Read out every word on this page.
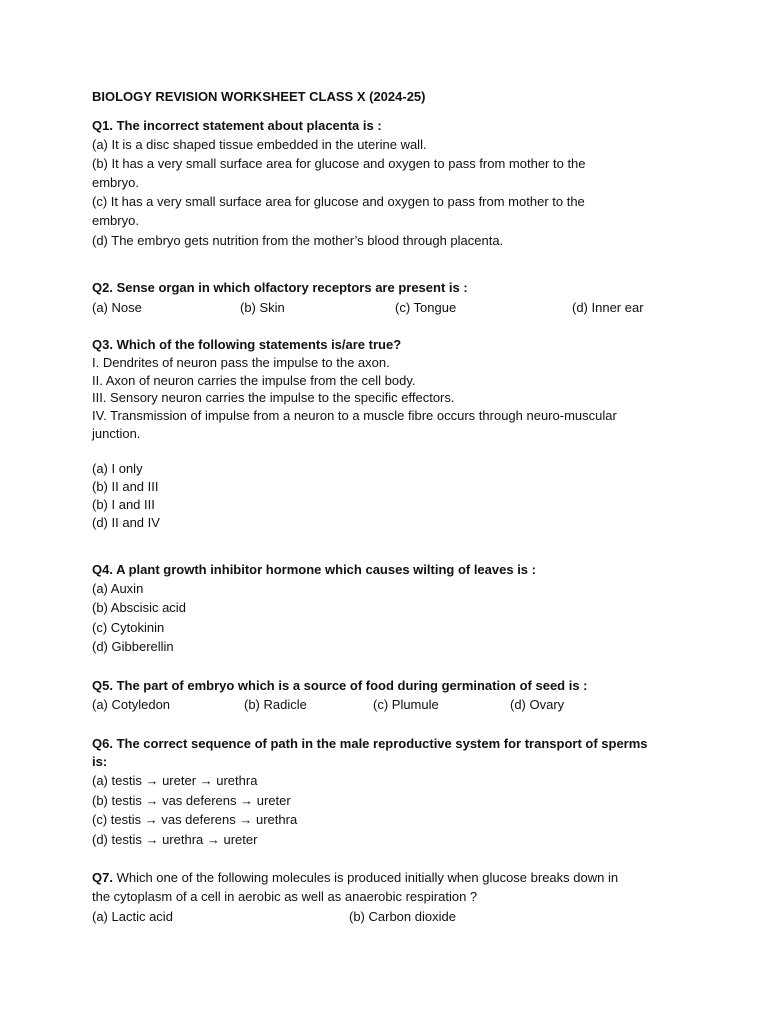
BIOLOGY REVISION WORKSHEET CLASS X (2024-25)
Q1. The incorrect statement about placenta is :
(a) It is a disc shaped tissue embedded in the uterine wall.
(b) It has a very small surface area for glucose and oxygen to pass from mother to the
embryo.
(c) It has a very small surface area for glucose and oxygen to pass from mother to the
embryo.
(d) The embryo gets nutrition from the mother’s blood through placenta.
Q2. Sense organ in which olfactory receptors are present is :
(a) Nose	(b) Skin	(c) Tongue	(d) Inner ear
Q3. Which of the following statements is/are true?
I. Dendrites of neuron pass the impulse to the axon.
II. Axon of neuron carries the impulse from the cell body.
III. Sensory neuron carries the impulse to the specific effectors.
IV. Transmission of impulse from a neuron to a muscle fibre occurs through neuro-muscular
junction.
(a) I only
(b) II and III
(b) I and III
(d) II and IV
Q4. A plant growth inhibitor hormone which causes wilting of leaves is :
(a) Auxin
(b) Abscisic acid
(c) Cytokinin
(d) Gibberellin
Q5. The part of embryo which is a source of food during germination of seed is :
(a) Cotyledon	(b) Radicle	(c) Plumule	(d) Ovary
Q6. The correct sequence of path in the male reproductive system for transport of sperms
is:
(a) testis → ureter → urethra
(b) testis → vas deferens → ureter
(c) testis → vas deferens → urethra
(d) testis → urethra → ureter
Q7. Which one of the following molecules is produced initially when glucose breaks down in
the cytoplasm of a cell in aerobic as well as anaerobic respiration ?
(a) Lactic acid	(b) Carbon dioxide
